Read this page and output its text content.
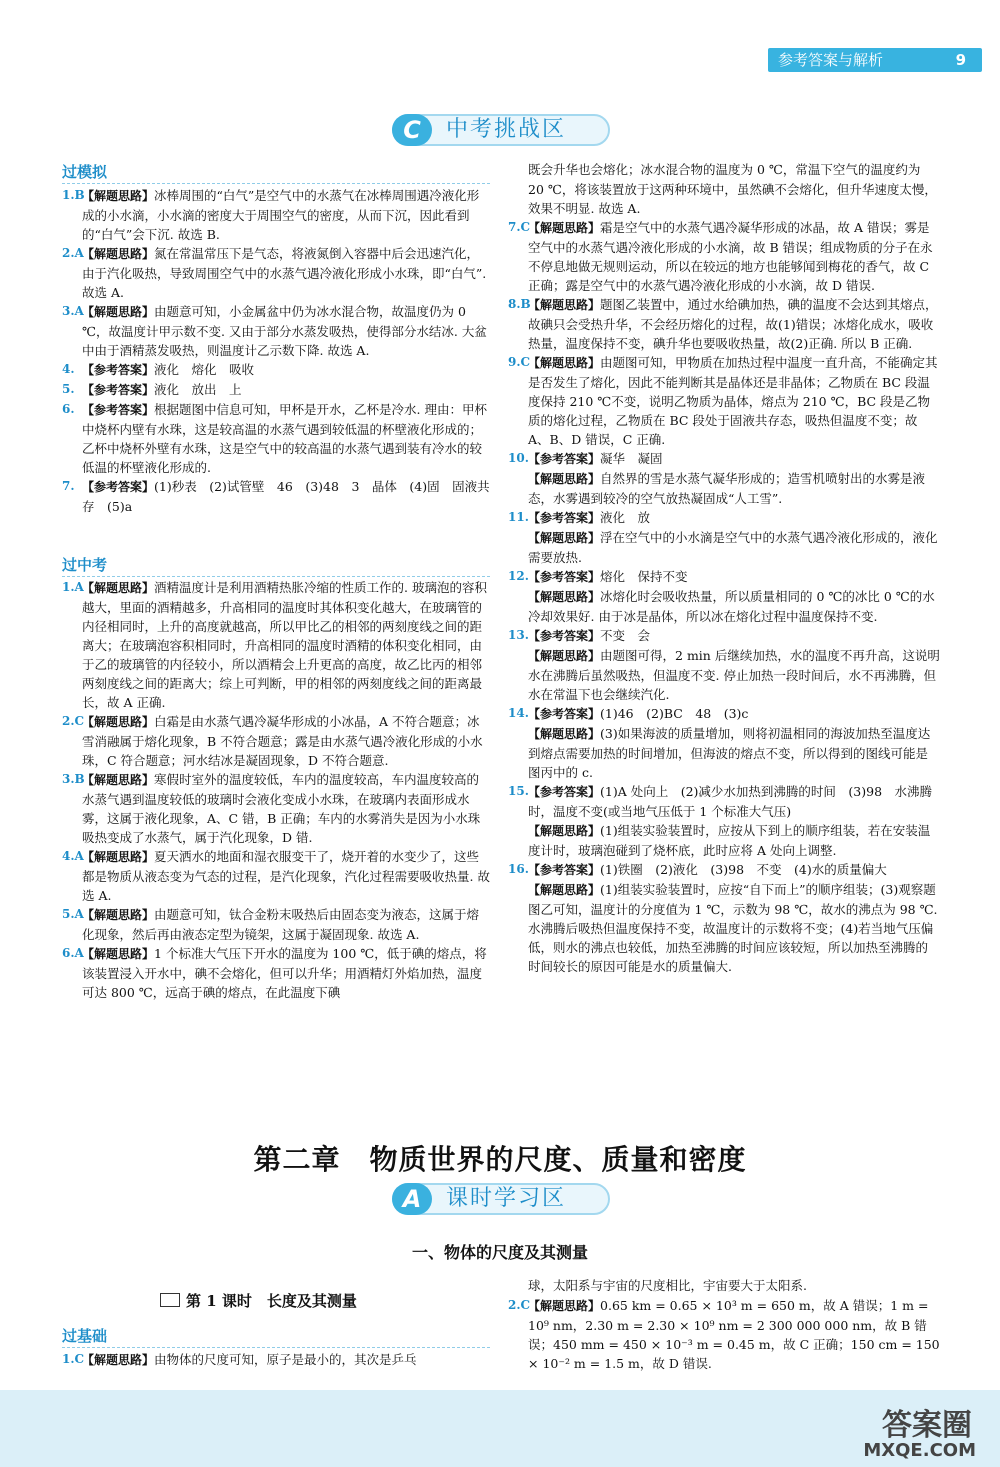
参考答案与解析	9
C	中考挑战区
过模拟
1.B
【解题思路】冰棒周围的“白气”是空气中的水蒸气在冰棒周围遇冷液化形成的小水滴，小水滴的密度大于周围空气的密度，从而下沉，因此看到的“白气”会下沉. 故选 B.
2.A
【解题思路】氮在常温常压下是气态，将液氮倒入容器中后会迅速汽化，由于汽化吸热，导致周围空气中的水蒸气遇冷液化形成小水珠，即“白气”. 故选 A.
3.A
【解题思路】由题意可知，小金属盆中仍为冰水混合物，故温度仍为 0 ℃，故温度计甲示数不变. 又由于部分水蒸发吸热，使得部分水结冰. 大盆中由于酒精蒸发吸热，则温度计乙示数下降. 故选 A.
4. 【参考答案】液化　熔化　吸收
5. 【参考答案】液化　放出　上
6. 【参考答案】根据题图中信息可知，甲杯是开水，乙杯是冷水. 理由：甲杯中烧杯内壁有水珠，这是较高温的水蒸气遇到较低温的杯壁液化形成的；乙杯中烧杯外壁有水珠，这是空气中的较高温的水蒸气遇到装有冷水的较低温的杯壁液化形成的.
7. 【参考答案】(1)秒表　(2)试管壁　46　(3)48　3　晶体　(4)固　固液共存　(5)a
过中考
1.A
【解题思路】酒精温度计是利用酒精热胀冷缩的性质工作的. 玻璃泡的容积越大，里面的酒精越多，升高相同的温度时其体积变化越大，在玻璃管的内径相同时，上升的高度就越高，所以甲比乙的相邻的两刻度线之间的距离大；在玻璃泡容积相同时，升高相同的温度时酒精的体积变化相同，由于乙的玻璃管的内径较小，所以酒精会上升更高的高度，故乙比丙的相邻两刻度线之间的距离大；综上可判断，甲的相邻的两刻度线之间的距离最长，故 A 正确.
2.C
【解题思路】白霜是由水蒸气遇冷凝华形成的小冰晶，A 不符合题意；冰雪消融属于熔化现象，B 不符合题意；露是由水蒸气遇冷液化形成的小水珠，C 符合题意；河水结冰是凝固现象，D 不符合题意.
3.B
【解题思路】寒假时室外的温度较低，车内的温度较高，车内温度较高的水蒸气遇到温度较低的玻璃时会液化变成小水珠，在玻璃内表面形成水雾，这属于液化现象，A、C 错，B 正确；车内的水雾消失是因为小水珠吸热变成了水蒸气，属于汽化现象，D 错.
4.A
【解题思路】夏天洒水的地面和湿衣服变干了，烧开着的水变少了，这些都是物质从液态变为气态的过程，是汽化现象，汽化过程需要吸收热量. 故选 A.
5.A
【解题思路】由题意可知，钛合金粉末吸热后由固态变为液态，这属于熔化现象，然后再由液态定型为镜架，这属于凝固现象. 故选 A.
6.A
【解题思路】1 个标准大气压下开水的温度为 100 ℃，低于碘的熔点，将该装置浸入开水中，碘不会熔化，但可以升华；用酒精灯外焰加热，温度可达 800 ℃，远高于碘的熔点，在此温度下碘
既会升华也会熔化；冰水混合物的温度为 0 ℃，常温下空气的温度约为 20 ℃，将该装置放于这两种环境中，虽然碘不会熔化，但升华速度太慢，效果不明显. 故选 A.
7.C
【解题思路】霜是空气中的水蒸气遇冷凝华形成的冰晶，故 A 错误；雾是空气中的水蒸气遇冷液化形成的小水滴，故 B 错误；组成物质的分子在永不停息地做无规则运动，所以在较远的地方也能够闻到梅花的香气，故 C 正确；露是空气中的水蒸气遇冷液化形成的小水滴，故 D 错误.
8.B
【解题思路】题图乙装置中，通过水给碘加热，碘的温度不会达到其熔点，故碘只会受热升华，不会经历熔化的过程，故(1)错误；冰熔化成水，吸收热量，温度保持不变，碘升华也要吸收热量，故(2)正确. 所以 B 正确.
9.C
【解题思路】由题图可知，甲物质在加热过程中温度一直升高，不能确定其是否发生了熔化，因此不能判断其是晶体还是非晶体；乙物质在 BC 段温度保持 210 ℃不变，说明乙物质为晶体，熔点为 210 ℃，BC 段是乙物质的熔化过程，乙物质在 BC 段处于固液共存态，吸热但温度不变；故 A、B、D 错误，C 正确.
10. 【参考答案】凝华　凝固
【解题思路】自然界的雪是水蒸气凝华形成的；造雪机喷射出的水雾是液态，水雾遇到较冷的空气放热凝固成“人工雪”.
11. 【参考答案】液化　放
【解题思路】浮在空气中的小水滴是空气中的水蒸气遇冷液化形成的，液化需要放热.
12. 【参考答案】熔化　保持不变
【解题思路】冰熔化时会吸收热量，所以质量相同的 0 ℃的冰比 0 ℃的水冷却效果好. 由于冰是晶体，所以冰在熔化过程中温度保持不变.
13. 【参考答案】不变　会
【解题思路】由题图可得，2 min 后继续加热，水的温度不再升高，这说明水在沸腾后虽然吸热，但温度不变. 停止加热一段时间后，水不再沸腾，但水在常温下也会继续汽化.
14. 【参考答案】(1)46　(2)BC　48　(3)c
【解题思路】(3)如果海波的质量增加，则将初温相同的海波加热至温度达到熔点需要加热的时间增加，但海波的熔点不变，所以得到的图线可能是图丙中的 c.
15. 【参考答案】(1)A 处向上　(2)减少水加热到沸腾的时间　(3)98　水沸腾时，温度不变(或当地气压低于 1 个标准大气压)
【解题思路】(1)组装实验装置时，应按从下到上的顺序组装，若在安装温度计时，玻璃泡碰到了烧杯底，此时应将 A 处向上调整.
16. 【参考答案】(1)铁圈　(2)液化　(3)98　不变　(4)水的质量偏大
【解题思路】(1)组装实验装置时，应按“自下而上”的顺序组装；(3)观察题图乙可知，温度计的分度值为 1 ℃，示数为 98 ℃，故水的沸点为 98 ℃. 水沸腾后吸热但温度保持不变，故温度计的示数将不变；(4)若当地气压偏低，则水的沸点也较低，加热至沸腾的时间应该较短，所以加热至沸腾的时间较长的原因可能是水的质量偏大.
第二章　物质世界的尺度、质量和密度
A	课时学习区
一、物体的尺度及其测量
第 1 课时　长度及其测量
过基础
1.C
【解题思路】由物体的尺度可知，原子是最小的，其次是乒乓
球，太阳系与宇宙的尺度相比，宇宙要大于太阳系.
2.C
【解题思路】0.65 km = 0.65 × 10³ m = 650 m，故 A 错误；1 m = 10⁹ nm，2.30 m = 2.30 × 10⁹ nm = 2 300 000 000 nm，故 B 错误；450 mm = 450 × 10⁻³ m = 0.45 m，故 C 正确；150 cm = 150 × 10⁻² m = 1.5 m，故 D 错误.
答案圈
MXQE.COM
